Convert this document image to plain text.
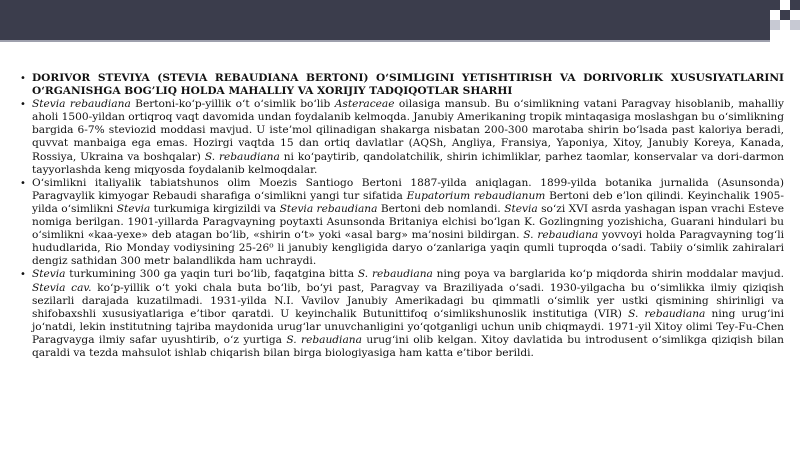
• DORIVOR STEVIYA (STEVIA REBAUDIANA BERTONI) O‘SIMLIGINI YETISHTIRISH VA DORIVORLIK XUSUSIYATLARINI O‘RGANISHGA BOG’LIQ HOLDA MAHALLIY VA XORIJIY TADQIQOTLAR SHARHI

• Stevia rebaudiana Bertoni-ko‘p-yillik o‘t o‘simlik bo‘lib Asteraceae oilasiga mansub. Bu o‘simlikning vatani Paragvay hisoblanib, mahalliy aholi 1500-yildan ortiqroq vaqt davomida undan foydalanib kelmoqda. Janubiy Amerikaning tropik mintaqasiga moslashgan bu o‘simlikning bargida 6-7% steviozid moddasi mavjud. U iste’mol qilinadigan shakarga nisbatan 200-300 marotaba shirin bo‘lsada past kaloriya beradi, quvvat manbaiga ega emas. Hozirgi vaqtda 15 dan ortiq davlatlar (AQSh, Angliya, Fransiya, Yaponiya, Xitoy, Janubiy Koreya, Kanada, Rossiya, Ukraina va boshqalar) S. rebaudiana ni ko‘paytirib, qandolatchilik, shirin ichimliklar, parhez taomlar, konservalar va dori-darmon tayyorlashda keng miqyosda foydalanib kelmoqdalar.

• O‘simlikni italiyalik tabiatshunos olim Moezis Santiogo Bertoni 1887-yilda aniqlagan. 1899-yilda botanika jurnalida (Asunsonda) Paragvaylik kimyogar Rebaudi sharafiga o‘simlikni yangi tur sifatida Eupatorium rebaudianum Bertoni deb e’lon qilindi. Keyinchalik 1905-yilda o‘simlikni Stevia turkumiga kirgizildi va Stevia rebaudiana Bertoni deb nomlandi. Stevia so‘zi XVI asrda yashagan ispan vrachi Esteve nomiga berilgan. 1901-yillarda Paragvayning poytaxti Asunsonda Britaniya elchisi bo‘lgan K. Gozlingning yozishicha, Guarani hindulari bu o‘simlikni «kaa-yexe» deb atagan bo‘lib, «shirin o‘t» yoki «asal barg» ma’nosini bildirgan. S. rebaudiana yovvoyi holda Paragvayning tog‘li hududlarida, Rio Monday vodiysining 25-26⁰ li janubiy kengligida daryo o‘zanlariga yaqin qumli tuproqda o‘sadi. Tabiiy o‘simlik zahiralari dengiz sathidan 300 metr balandlikda ham uchraydi.

• Stevia turkumining 300 ga yaqin turi bo‘lib, faqatgina bitta S. rebaudiana ning poya va barglarida ko‘p miqdorda shirin moddalar mavjud. Stevia cav. ko‘p-yillik o‘t yoki chala buta bo‘lib, bo‘yi past, Paragvay va Braziliyada o‘sadi. 1930-yilgacha bu o‘simlikka ilmiy qiziqish sezilarli darajada kuzatilmadi. 1931-yilda N.I. Vavilov Janubiy Amerikadagi bu qimmatli o‘simlik yer ustki qismining shirinligi va shifobaxshli xususiyatlariga e’tibor qaratdi. U keyinchalik Butunittifoq o‘simlikshunoslik institutiga (VIR) S. rebaudiana ning urug‘ini jo‘natdi, lekin institutning tajriba maydonida urug‘lar unuvchanligini yo‘qotganligi uchun unib chiqmaydi. 1971-yil Xitoy olimi Tey-Fu-Chen Paragvayga ilmiy safar uyushtirib, o‘z yurtiga S. rebaudiana urug‘ini olib kelgan. Xitoy davlatida bu introdusent o‘simlikga qiziqish bilan qaraldi va tezda mahsulot ishlab chiqarish bilan birga biologiyasiga ham katta e’tibor berildi.
